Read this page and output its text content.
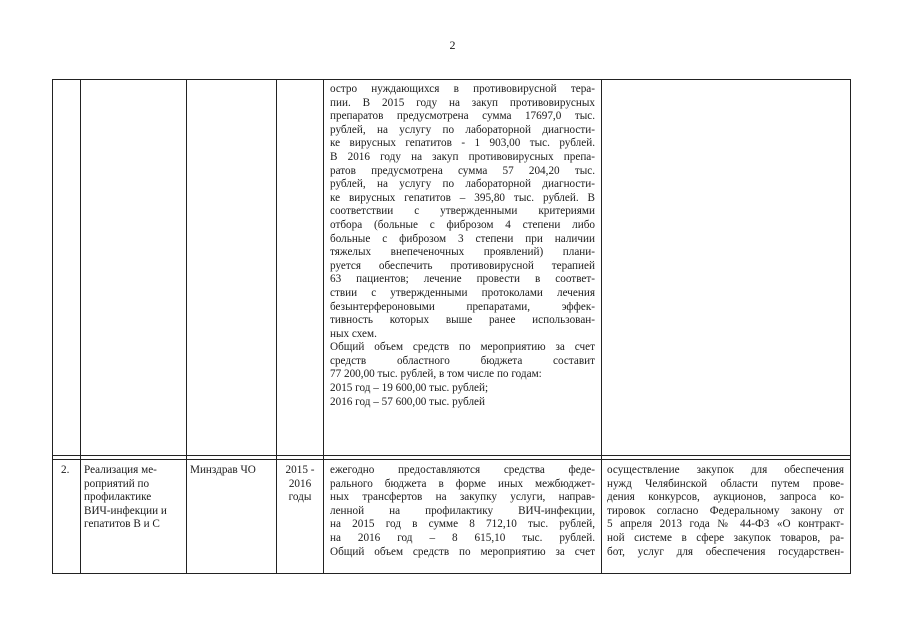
2
остро нуждающихся в противовирусной тера-
пии. В 2015 году на закуп противовирусных
препаратов предусмотрена сумма 17697,0 тыс.
рублей, на услугу по лабораторной диагности-
ке вирусных гепатитов - 1 903,00 тыс. рублей.
В 2016 году на закуп противовирусных препа-
ратов предусмотрена сумма 57 204,20 тыс.
рублей, на услугу по лабораторной диагности-
ке вирусных гепатитов – 395,80 тыс. рублей. В
соответствии с утвержденными критериями
отбора (больные с фиброзом 4 степени либо
больные с фиброзом 3 степени при наличии
тяжелых внепеченочных проявлений) плани-
руется обеспечить противовирусной терапией
63 пациентов; лечение провести в соответ-
ствии с утвержденными протоколами лечения
безынтерфероновыми препаратами, эффек-
тивность которых выше ранее использован-
ных схем.
Общий объем средств по мероприятию за счет
средств областного бюджета составит
77 200,00 тыс. рублей, в том числе по годам:
2015 год – 19 600,00 тыс. рублей;
2016 год – 57 600,00 тыс. рублей
2. Реализация ме-
роприятий по
профилактике
ВИЧ-инфекции и
гепатитов В и С
Минздрав ЧО	2015 -
2016
годы
ежегодно предоставляются средства феде-
рального бюджета в форме иных межбюджет-
ных трансфертов на закупку услуги, направ-
ленной на профилактику ВИЧ-инфекции,
на 2015 год в сумме 8 712,10 тыс. рублей,
на 2016 год – 8 615,10 тыс. рублей.
Общий объем средств по мероприятию за счет
осуществление закупок для обеспечения
нужд Челябинской области путем прове-
дения конкурсов, аукционов, запроса ко-
тировок согласно Федеральному закону от
5 апреля 2013 года № 44-ФЗ «О контракт-
ной системе в сфере закупок товаров, ра-
бот, услуг для обеспечения государствен-
